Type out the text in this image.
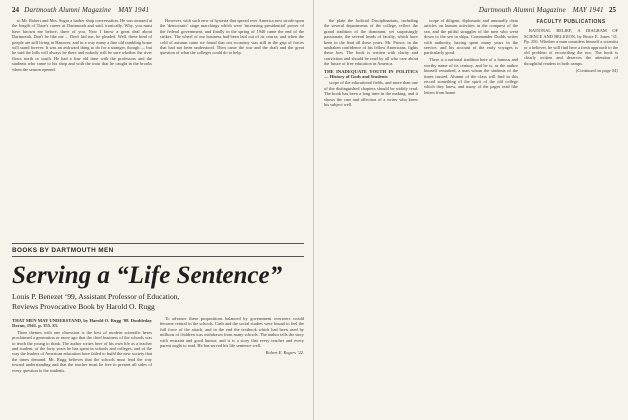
24 Dartmouth Alumni Magazine MAY 1941

to Mr. Robert and Mrs. Sugar a barber shop conversation. He was amazed at the length of Time's career at Dartmouth and said, ironically, Why, you must have known me before, three of you. Now I know a great deal about Dartmouth, Don't be like me ... Don't kid me, he pleaded. Well, these kind of people are still living in Hanover, and in a way many a fine old rambling home will stand forever. It was an awkward thing to do for a stranger, though — but he said the hills will always be there and nobody will be sure whether the river flows north or south. He had a fine old time with the professors and the students who came to his shop and with the trout that he caught in the brooks when the season opened.

However, with such new of hysteria that spread over America now strode upon the 'democratic' stage marchings which were 'increasing presidential' power of the federal government, and finally in the spring of 1940 came the end of the strikes. The wheel of our business had been laid out of its course, and when the cold of autumn came we found that our economy was still in the grip of forces that had not been understood. Then came the war and the draft and the great question of what the colleges could do to help.

BOOKS BY DARTMOUTH MEN
Serving a “Life Sentence”
Louis P. Benezet ‘99, Assistant Professor of Education,
Reviews Provocative Book by Harold O. Rugg
THAT MEN MAY UNDERSTAND, by Harold O. Rugg ’08. Doubleday Doran, 1941. p. 355. $3.

Three themes with one obsession is the best of modern scientific heres proclaimed a generation or more ago that the chief business of the schools was to teach the young to think. The author writes here of his own life as a teacher and student, of the forty years he has spent in schools and colleges, and of the way the leaders of American education have failed to build the new society that the times demand. Mr. Rugg believes that the schools must lead the way toward understanding and that the teacher must be free to present all sides of every question to the students.

To advance these propositions balanced by government overseers would become central in the schools. Cash and the social studies were bound to feel the full force of the attack, and in the end the textbook which had been used by millions of children was withdrawn from many schools. The author tells the story with restraint and good humor, and it is a story that every teacher and every parent ought to read. He has served his life sentence well.

Robert E. Rogers ’22.
Dartmouth Alumni Magazine MAY 1941 25

the plain the Judicial Disciplinarians, including the several departments of the college, reflect the grand tradition of the dominant, yet surprisingly passionate, the several heads of faculty, which have been in the lead all these years. Mr. Prince, in the unshaken confidence of his fellow Americans, fights these foes. The book is written with clarity and conviction and should be read by all who care about the future of free education in America.

THE INADEQUATE YOUTH IN POLITICS — History of Gods and Students

scope of the educational fields, and more than one of the distinguished chapters should be widely read. The book has been a long time in the making, and it shows the care and affection of a writer who knew his subject well.

scope of diligent, diplomatic and unusually clear articles on human activities in the conquest of the sea, and the pitiful struggles of the men who went down to the sea in ships. Commander Dodds writes with authority, having spent many years in the service, and his account of the early voyages is particularly good.

There is a national tradition here of a famous and worthy name of its century, and he is, as the author himself remarked, a man whom the students of the times trusted. Alumni of the class will find in this record something of the spirit of the old college which they knew, and many of the pages read like letters from home.

FACULTY PUBLICATIONS

RATIONAL RELIEF, A DIAGRAM OF SCIENCE AND RELIGION, by Bruce E. Jones ’31. Pp. 256. Whether a man considers himself a scientist or a believer, he will find here a fresh approach to the old problem of reconciling the two. The book is clearly written and deserves the attention of thoughtful readers in both camps.

[Continued on page 54]
